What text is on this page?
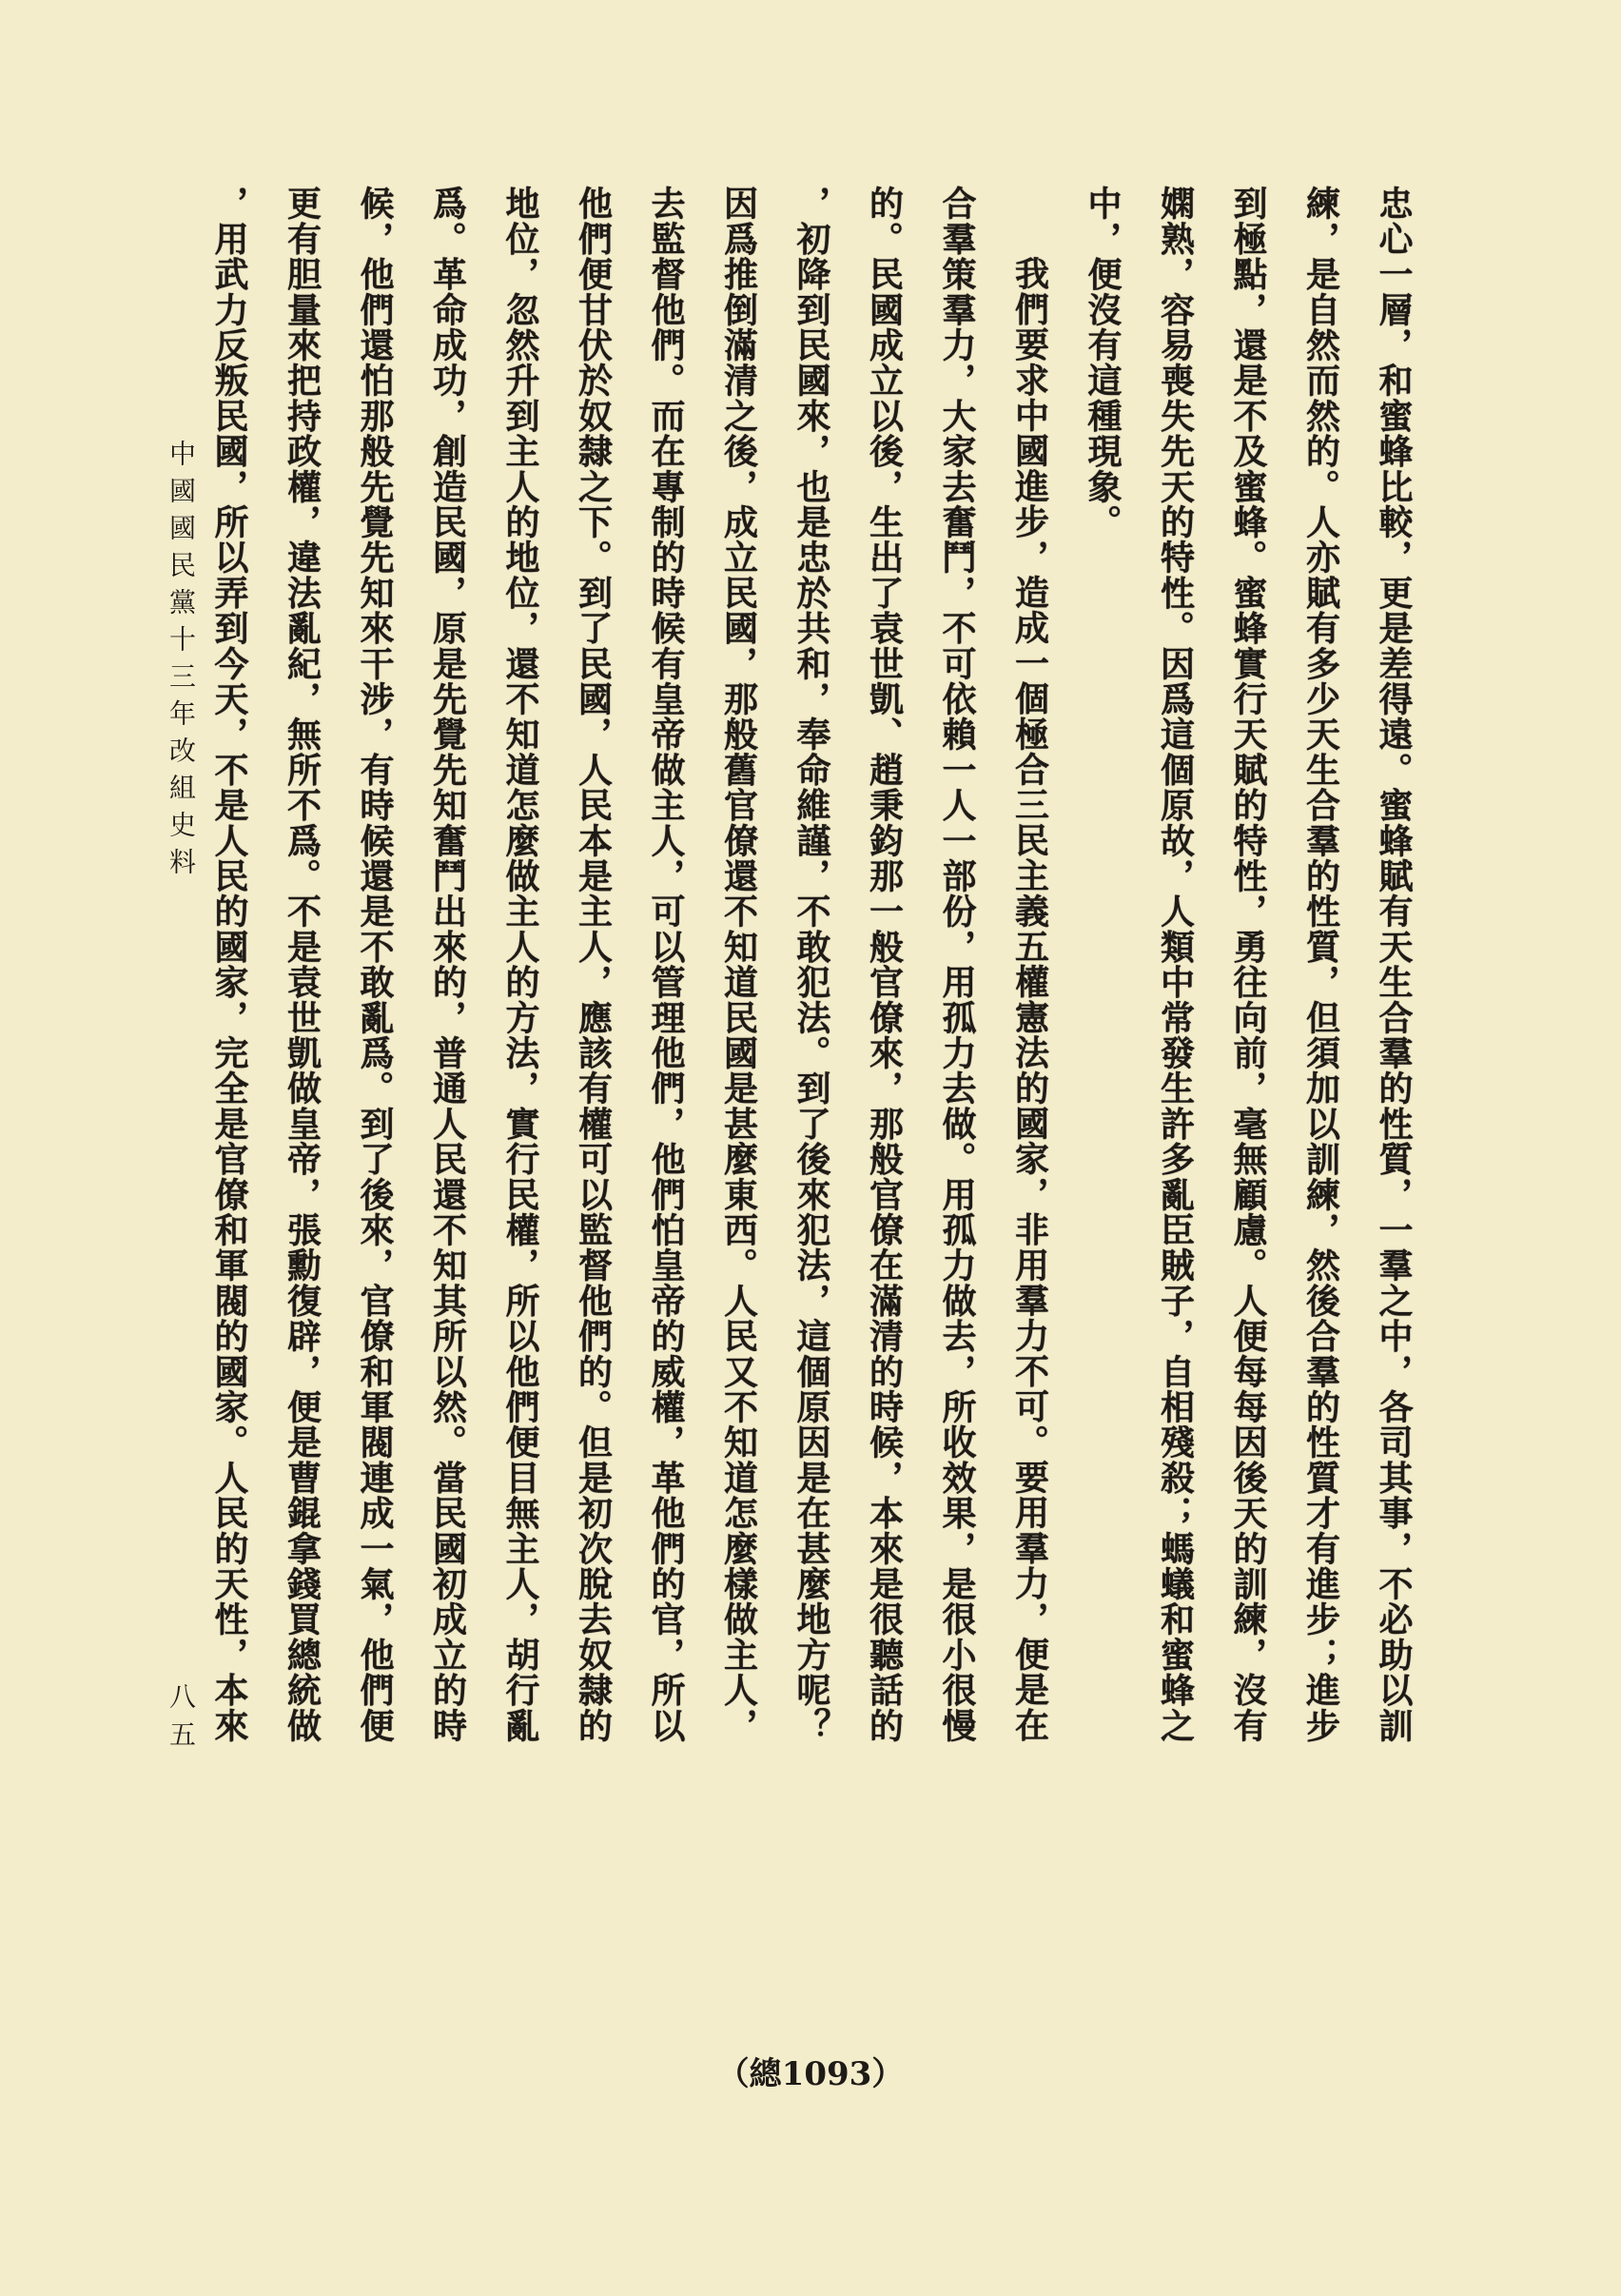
忠心一層，和蜜蜂比較，更是差得遠。蜜蜂賦有天生合羣的性質，一羣之中，各司其事，不必助以訓
練，是自然而然的。人亦賦有多少天生合羣的性質，但須加以訓練，然後合羣的性質才有進步；進步
到極點，還是不及蜜蜂。蜜蜂實行天賦的特性，勇往向前，毫無顧慮。人便每每因後天的訓練，沒有
嫻熟，容易喪失先天的特性。因爲這個原故，人類中常發生許多亂臣賊子，自相殘殺；螞蟻和蜜蜂之
中，便沒有這種現象。
我們要求中國進步，造成一個極合三民主義五權憲法的國家，非用羣力不可。要用羣力，便是在
合羣策羣力，大家去奮鬥，不可依賴一人一部份，用孤力去做。用孤力做去，所收效果，是很小很慢
的。民國成立以後，生出了袁世凱、趙秉鈞那一般官僚來，那般官僚在滿清的時候，本來是很聽話的
，初降到民國來，也是忠於共和，奉命維謹，不敢犯法。到了後來犯法，這個原因是在甚麼地方呢？
因爲推倒滿清之後，成立民國，那般舊官僚還不知道民國是甚麼東西。人民又不知道怎麼樣做主人，
去監督他們。而在專制的時候有皇帝做主人，可以管理他們，他們怕皇帝的威權，革他們的官，所以
他們便甘伏於奴隸之下。到了民國，人民本是主人，應該有權可以監督他們的。但是初次脫去奴隸的
地位，忽然升到主人的地位，還不知道怎麼做主人的方法，實行民權，所以他們便目無主人，胡行亂
爲。革命成功，創造民國，原是先覺先知奮鬥出來的，普通人民還不知其所以然。當民國初成立的時
候，他們還怕那般先覺先知來干涉，有時候還是不敢亂爲。到了後來，官僚和軍閥連成一氣，他們便
更有胆量來把持政權，違法亂紀，無所不爲。不是袁世凱做皇帝，張勳復辟，便是曹錕拿錢買總統做
，用武力反叛民國，所以弄到今天，不是人民的國家，完全是官僚和軍閥的國家。人民的天性，本來
中國國民黨十三年改組史料
八五
（總1093）
